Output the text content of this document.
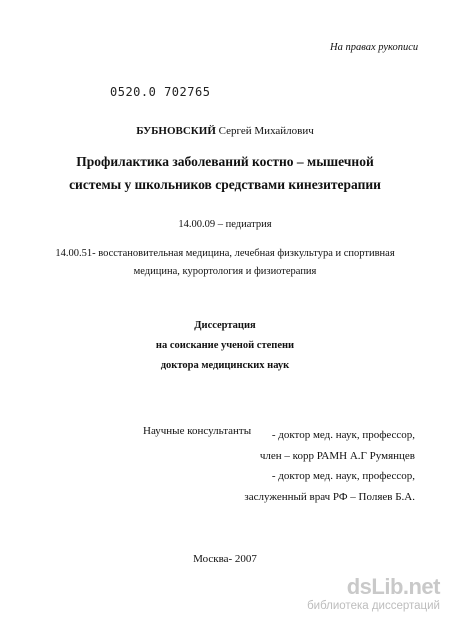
На правах рукописи
0520.0 702765
БУБНОВСКИЙ Сергей Михайлович
Профилактика заболеваний костно – мышечной
системы у школьников средствами кинезитерапии
14.00.09 – педиатрия
14.00.51- восстановительная медицина, лечебная физкультура и спортивная
медицина, курортология и физиотерапия
Диссертация
на соискание ученой степени
доктора медицинских наук
Научные консультанты	- доктор мед. наук, профессор,
член – корр РАМН А.Г Румянцев
- доктор мед. наук, профессор,
заслуженный врач РФ – Поляев Б.А.
Москва- 2007
dsLib.net
библиотека диссертаций
